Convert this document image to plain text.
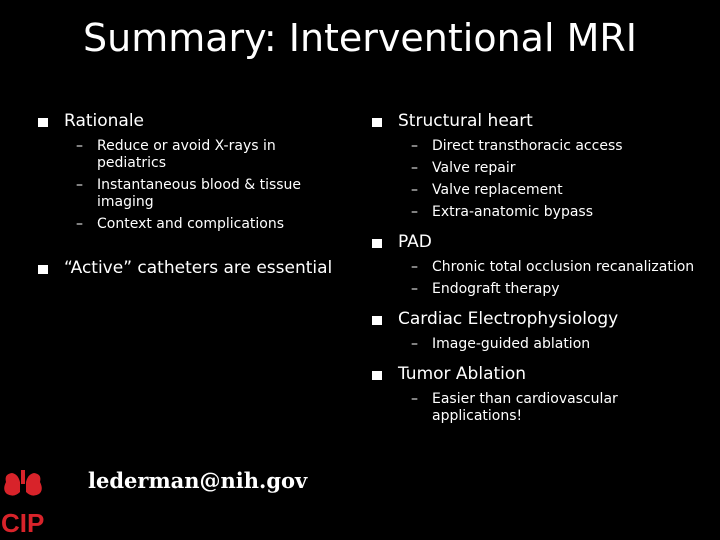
Summary: Interventional MRI
Rationale
– Reduce or avoid X-rays in pediatrics
– Instantaneous blood & tissue imaging
– Context and complications
“Active” catheters are essential
Structural heart
– Direct transthoracic access
– Valve repair
– Valve replacement
– Extra-anatomic bypass
PAD
– Chronic total occlusion recanalization
– Endograft therapy
Cardiac Electrophysiology
– Image-guided ablation
Tumor Ablation
– Easier than cardiovascular applications!
lederman@nih.gov
CIP
